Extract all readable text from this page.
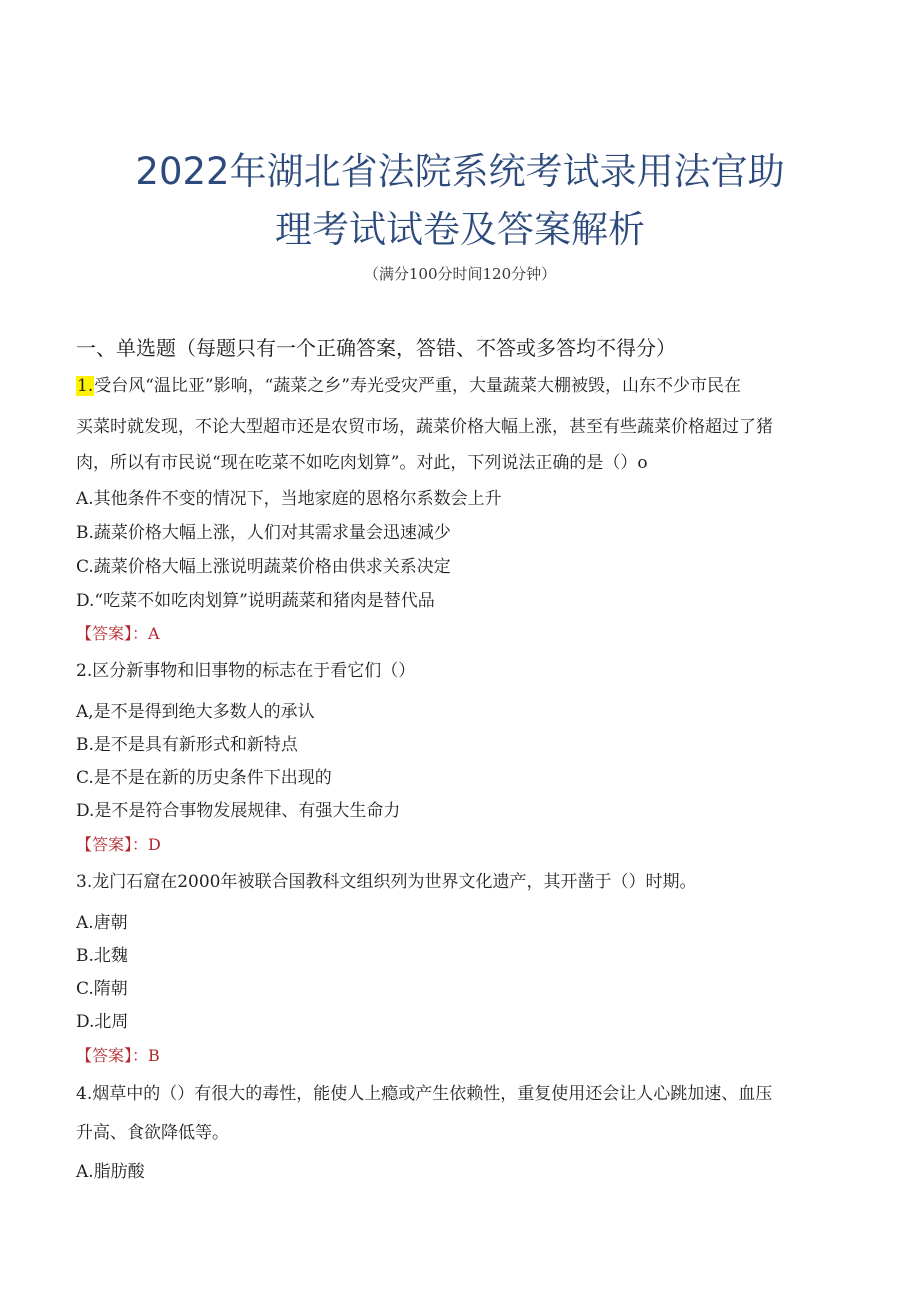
2022年湖北省法院系统考试录用法官助
理考试试卷及答案解析
（满分100分时间120分钟）
一、单选题（每题只有一个正确答案，答错、不答或多答均不得分）
1.受台风“温比亚”影响，“蔬菜之乡”寿光受灾严重，大量蔬菜大棚被毁，山东不少市民在
买菜时就发现，不论大型超市还是农贸市场，蔬菜价格大幅上涨，甚至有些蔬菜价格超过了猪
肉，所以有市民说“现在吃菜不如吃肉划算”。对此，下列说法正确的是（）o
A.其他条件不变的情况下，当地家庭的恩格尔系数会上升
B.蔬菜价格大幅上涨，人们对其需求量会迅速减少
C.蔬菜价格大幅上涨说明蔬菜价格由供求关系决定
D.“吃菜不如吃肉划算”说明蔬菜和猪肉是替代品
【答案】：A
2.区分新事物和旧事物的标志在于看它们（）
A,是不是得到绝大多数人的承认
B.是不是具有新形式和新特点
C.是不是在新的历史条件下出现的
D.是不是符合事物发展规律、有强大生命力
【答案】：D
3.龙门石窟在2000年被联合国教科文组织列为世界文化遗产，其开凿于（）时期。
A.唐朝
B.北魏
C.隋朝
D.北周
【答案】：B
4.烟草中的（）有很大的毒性，能使人上瘾或产生依赖性，重复使用还会让人心跳加速、血压
升高、食欲降低等。
A.脂肪酸
